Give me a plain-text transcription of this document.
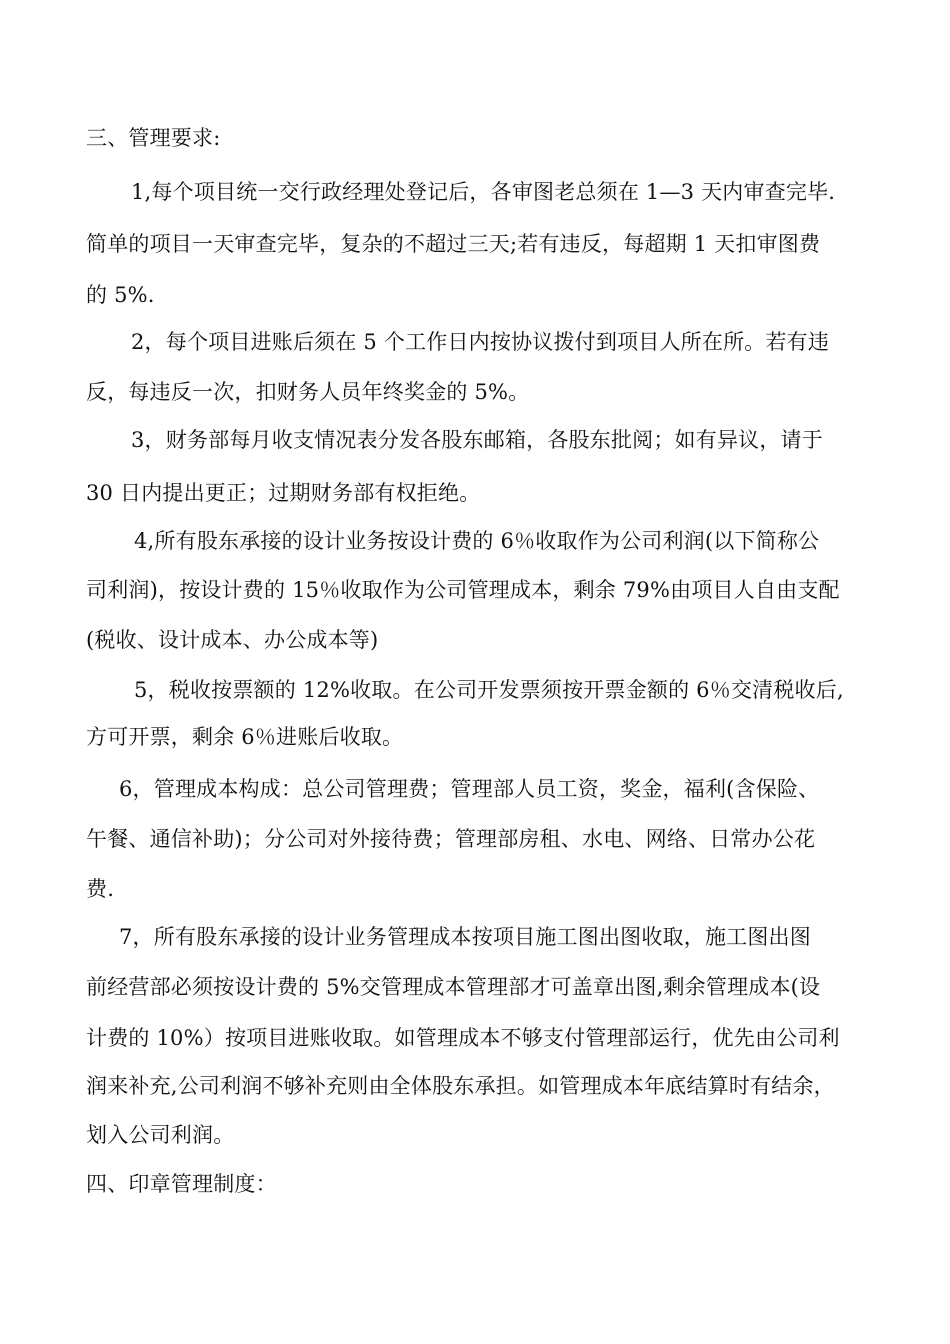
三、管理要求:
1,每个项目统一交行政经理处登记后，各审图老总须在 1—3 天内审查完毕.
简单的项目一天审查完毕，复杂的不超过三天;若有违反，每超期 1 天扣审图费
的 5%.
2，每个项目进账后须在 5 个工作日内按协议拨付到项目人所在所。若有违
反，每违反一次，扣财务人员年终奖金的 5%。
3，财务部每月收支情况表分发各股东邮箱，各股东批阅；如有异议，请于
30 日内提出更正；过期财务部有权拒绝。
4,所有股东承接的设计业务按设计费的 6％收取作为公司利润(以下简称公
司利润)，按设计费的 15％收取作为公司管理成本，剩余 79%由项目人自由支配
(税收、设计成本、办公成本等)
5，税收按票额的 12%收取。在公司开发票须按开票金额的 6％交清税收后,
方可开票，剩余 6％进账后收取。
6，管理成本构成：总公司管理费；管理部人员工资，奖金，福利(含保险、
午餐、通信补助)；分公司对外接待费；管理部房租、水电、网络、日常办公花
费.
7，所有股东承接的设计业务管理成本按项目施工图出图收取，施工图出图
前经营部必须按设计费的 5%交管理成本管理部才可盖章出图,剩余管理成本(设
计费的 10%）按项目进账收取。如管理成本不够支付管理部运行，优先由公司利
润来补充,公司利润不够补充则由全体股东承担。如管理成本年底结算时有结余，
划入公司利润。
四、印章管理制度：
